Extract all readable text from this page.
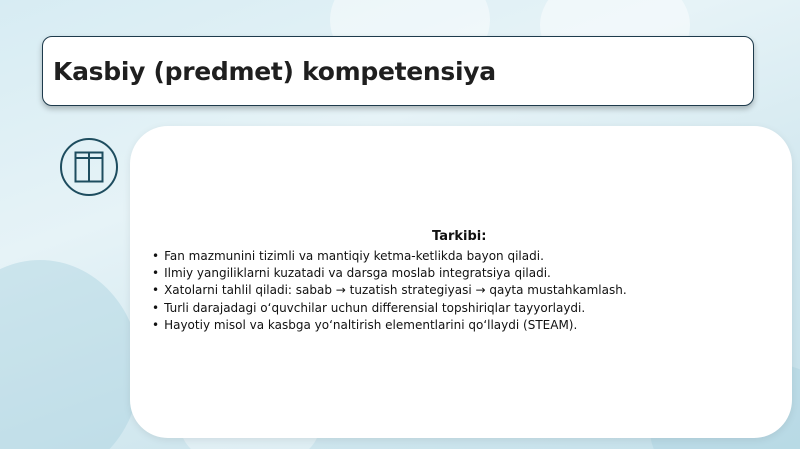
Kasbiy (predmet) kompetensiya
Tarkibi:
• Fan mazmunini tizimli va mantiqiy ketma-ketlikda bayon qiladi.
• Ilmiy yangiliklarni kuzatadi va darsga moslab integratsiya qiladi.
• Xatolarni tahlil qiladi: sabab → tuzatish strategiyasi → qayta mustahkamlash.
• Turli darajadagi o‘quvchilar uchun differensial topshiriqlar tayyorlaydi.
• Hayotiy misol va kasbga yo‘naltirish elementlarini qo‘llaydi (STEAM).
